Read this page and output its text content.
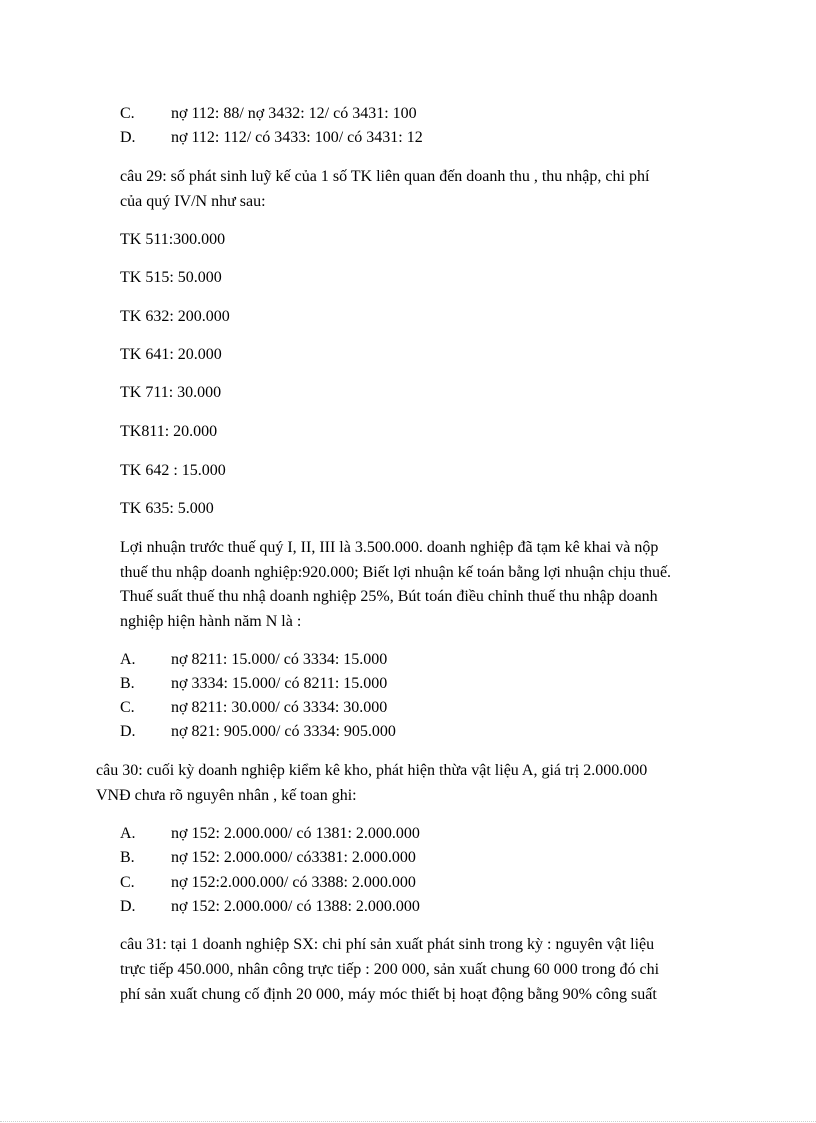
C. nợ 112: 88/ nợ 3432: 12/ có 3431: 100
D. nợ 112: 112/ có 3433: 100/ có 3431: 12
câu 29: số phát sinh luỹ kế của 1 số TK liên quan đến doanh thu , thu nhập, chi phí
của quý IV/N như sau:
TK 511:300.000
TK 515: 50.000
TK 632: 200.000
TK 641: 20.000
TK 711: 30.000
TK811: 20.000
TK 642 : 15.000
TK 635: 5.000
Lợi nhuận trước thuế quý I, II, III là 3.500.000. doanh nghiệp đã tạm kê khai và nộp
thuế thu nhập doanh nghiệp:920.000; Biết lợi nhuận kế toán bằng lợi nhuận chịu thuế.
Thuế suất thuế thu nhậ doanh nghiệp 25%, Bút toán điều chỉnh thuế thu nhập doanh
nghiệp hiện hành năm N là :
A. nợ 8211: 15.000/ có 3334: 15.000
B. nợ 3334: 15.000/ có 8211: 15.000
C. nợ 8211: 30.000/ có 3334: 30.000
D. nợ 821: 905.000/ có 3334: 905.000
câu 30: cuối kỳ doanh nghiệp kiểm kê kho, phát hiện thừa vật liệu A, giá trị 2.000.000
VNĐ chưa rõ nguyên nhân , kế toan ghi:
A. nợ 152: 2.000.000/ có 1381: 2.000.000
B. nợ 152: 2.000.000/ có3381: 2.000.000
C. nợ 152:2.000.000/ có 3388: 2.000.000
D. nợ 152: 2.000.000/ có 1388: 2.000.000
câu 31: tại 1 doanh nghiệp SX: chi phí sản xuất phát sinh trong kỳ : nguyên vật liệu
trực tiếp 450.000, nhân công trực tiếp : 200 000, sản xuất chung 60 000 trong đó chi
phí sản xuất chung cố định 20 000, máy móc thiết bị hoạt động bằng 90% công suất
